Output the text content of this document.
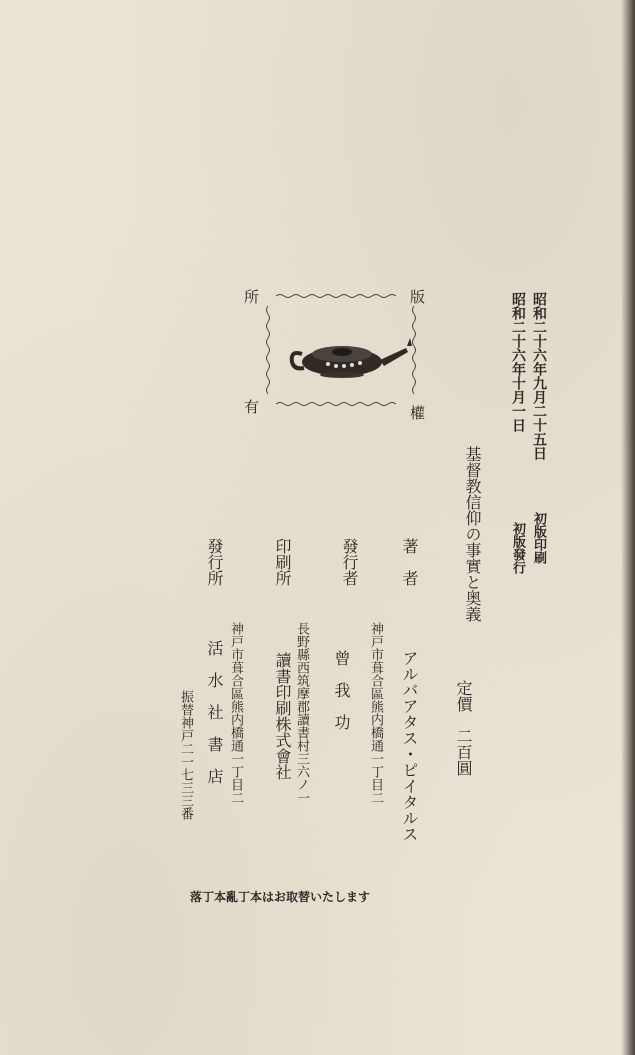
版
所
有	權	昭和二十六年九月二十五日
初版印刷
昭和二十六年十月一日
初版發行
基督教信仰の事實と奥義
定價　二百圓
著　者
アルバアタス・ピイタルス
發行者
神戸市葺合區熊内橋通一丁目二
曾　我　功
印刷所
長野縣西筑摩郡讀書村三六ノ一
讀書印刷株式會社
發行所
神戸市葺合區熊内橋通一丁目二
活　水　社　書　店
振替神戸二一七三三番
落丁本亂丁本はお取替いたします
